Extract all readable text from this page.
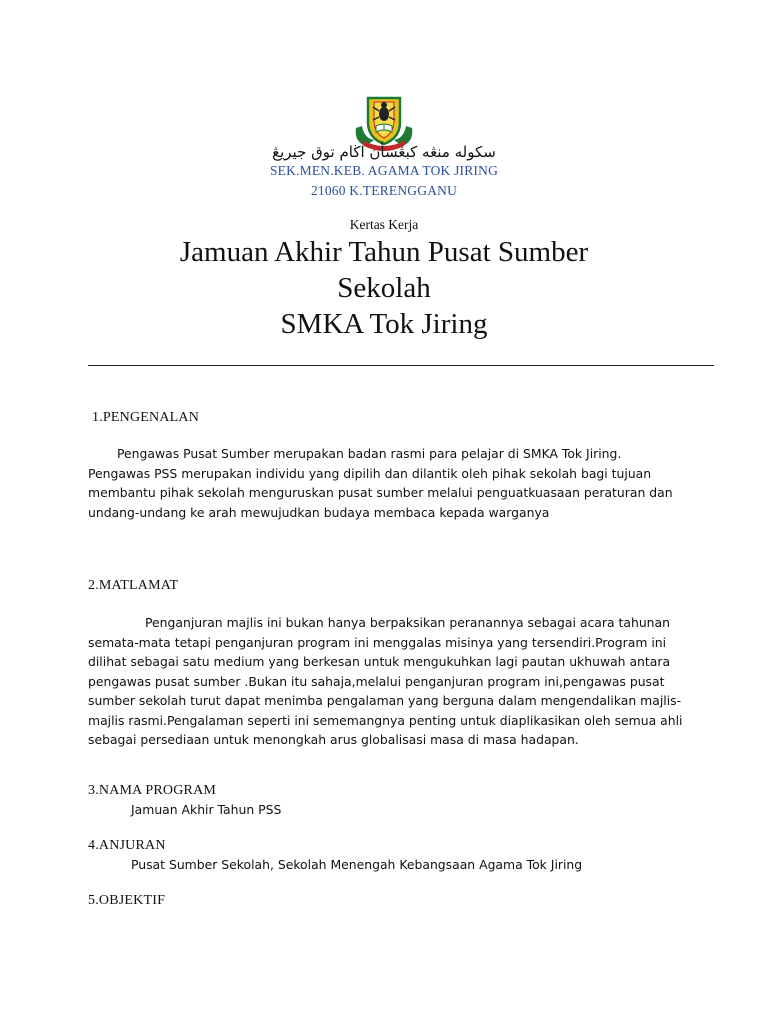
سکوله منڠه کبڠسأن اڬام توق جيريڠ
SEK.MEN.KEB. AGAMA TOK JIRING
21060 K.TERENGGANU
Kertas Kerja
Jamuan Akhir Tahun Pusat Sumber
Sekolah
SMKA Tok Jiring
1.PENGENALAN
Pengawas Pusat Sumber merupakan badan rasmi para pelajar di SMKA Tok Jiring.
Pengawas PSS merupakan individu yang dipilih dan dilantik oleh pihak sekolah bagi tujuan
membantu pihak sekolah menguruskan pusat sumber melalui penguatkuasaan peraturan dan
undang-undang ke arah mewujudkan budaya membaca kepada warganya
2.MATLAMAT
Penganjuran majlis ini bukan hanya berpaksikan peranannya sebagai acara tahunan
semata-mata tetapi penganjuran program ini menggalas misinya yang tersendiri.Program ini
dilihat sebagai satu medium yang berkesan untuk mengukuhkan lagi pautan ukhuwah antara
pengawas pusat sumber .Bukan itu sahaja,melalui penganjuran program ini,pengawas pusat
sumber sekolah turut dapat menimba pengalaman yang berguna dalam mengendalikan majlis-
majlis rasmi.Pengalaman seperti ini sememangnya penting untuk diaplikasikan oleh semua ahli
sebagai persediaan untuk menongkah arus globalisasi masa di masa hadapan.
3.NAMA PROGRAM
Jamuan Akhir Tahun PSS
4.ANJURAN
Pusat Sumber Sekolah, Sekolah Menengah Kebangsaan Agama Tok Jiring
5.OBJEKTIF
